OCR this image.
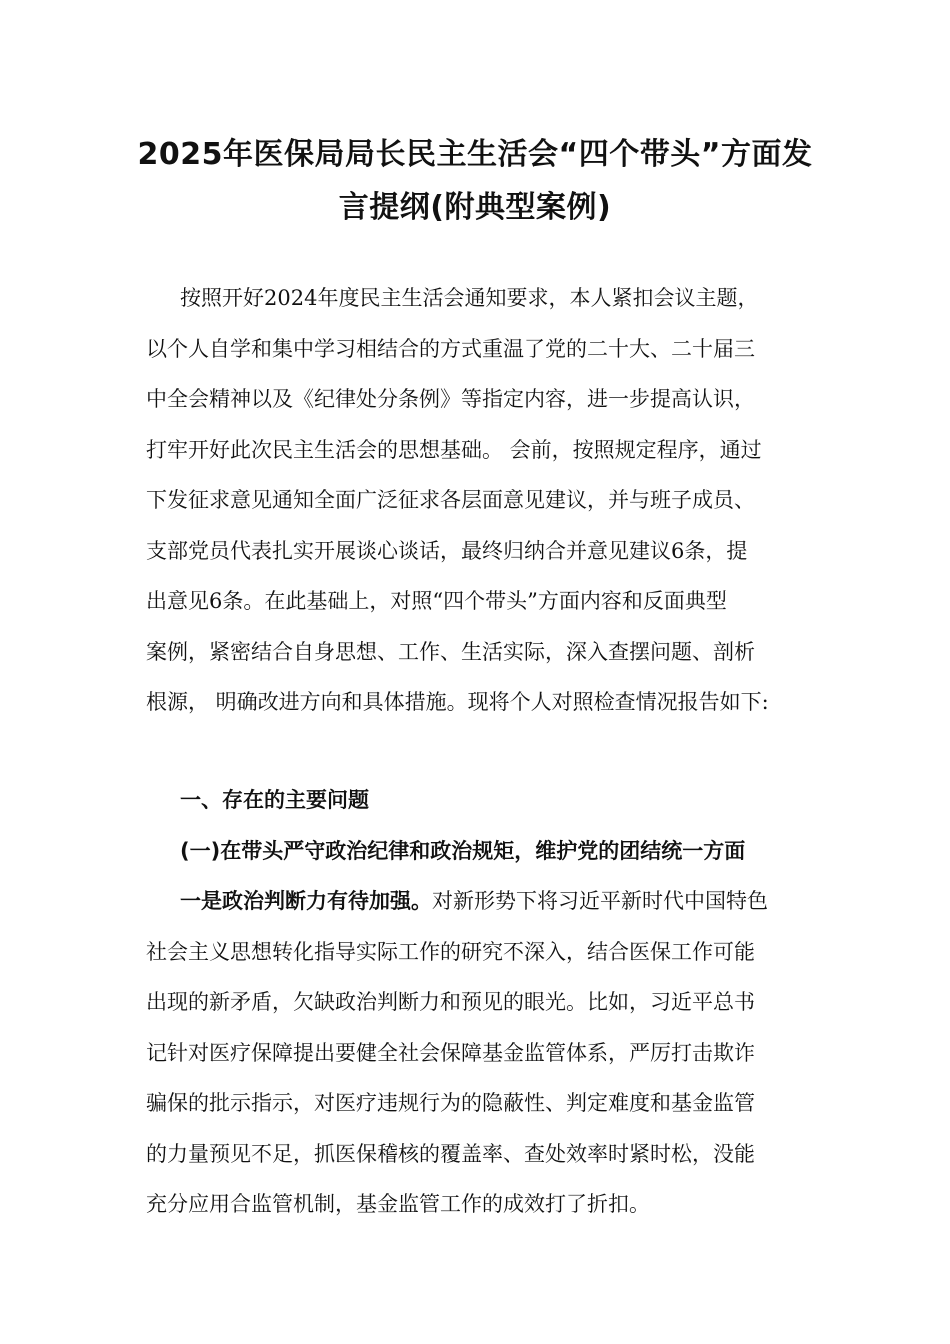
2025年医保局局长民主生活会“四个带头”方面发
言提纲(附典型案例)
按照开好2024年度民主生活会通知要求，本人紧扣会议主题，
以个人自学和集中学习相结合的方式重温了党的二十大、二十届三
中全会精神以及《纪律处分条例》等指定内容，进一步提高认识，
打牢开好此次民主生活会的思想基础。 会前，按照规定程序，通过
下发征求意见通知全面广泛征求各层面意见建议，并与班子成员、
支部党员代表扎实开展谈心谈话，最终归纳合并意见建议6条，提
出意见6条。在此基础上，对照“四个带头”方面内容和反面典型
案例，紧密结合自身思想、工作、生活实际，深入查摆问题、剖析
根源， 明确改进方向和具体措施。现将个人对照检查情况报告如下:
一、存在的主要问题
(一)在带头严守政治纪律和政治规矩，维护党的团结统一方面
一是政治判断力有待加强。对新形势下将习近平新时代中国特色
社会主义思想转化指导实际工作的研究不深入，结合医保工作可能
出现的新矛盾，欠缺政治判断力和预见的眼光。比如，习近平总书
记针对医疗保障提出要健全社会保障基金监管体系，严厉打击欺诈
骗保的批示指示，对医疗违规行为的隐蔽性、判定难度和基金监管
的力量预见不足，抓医保稽核的覆盖率、查处效率时紧时松，没能
充分应用合监管机制，基金监管工作的成效打了折扣。
